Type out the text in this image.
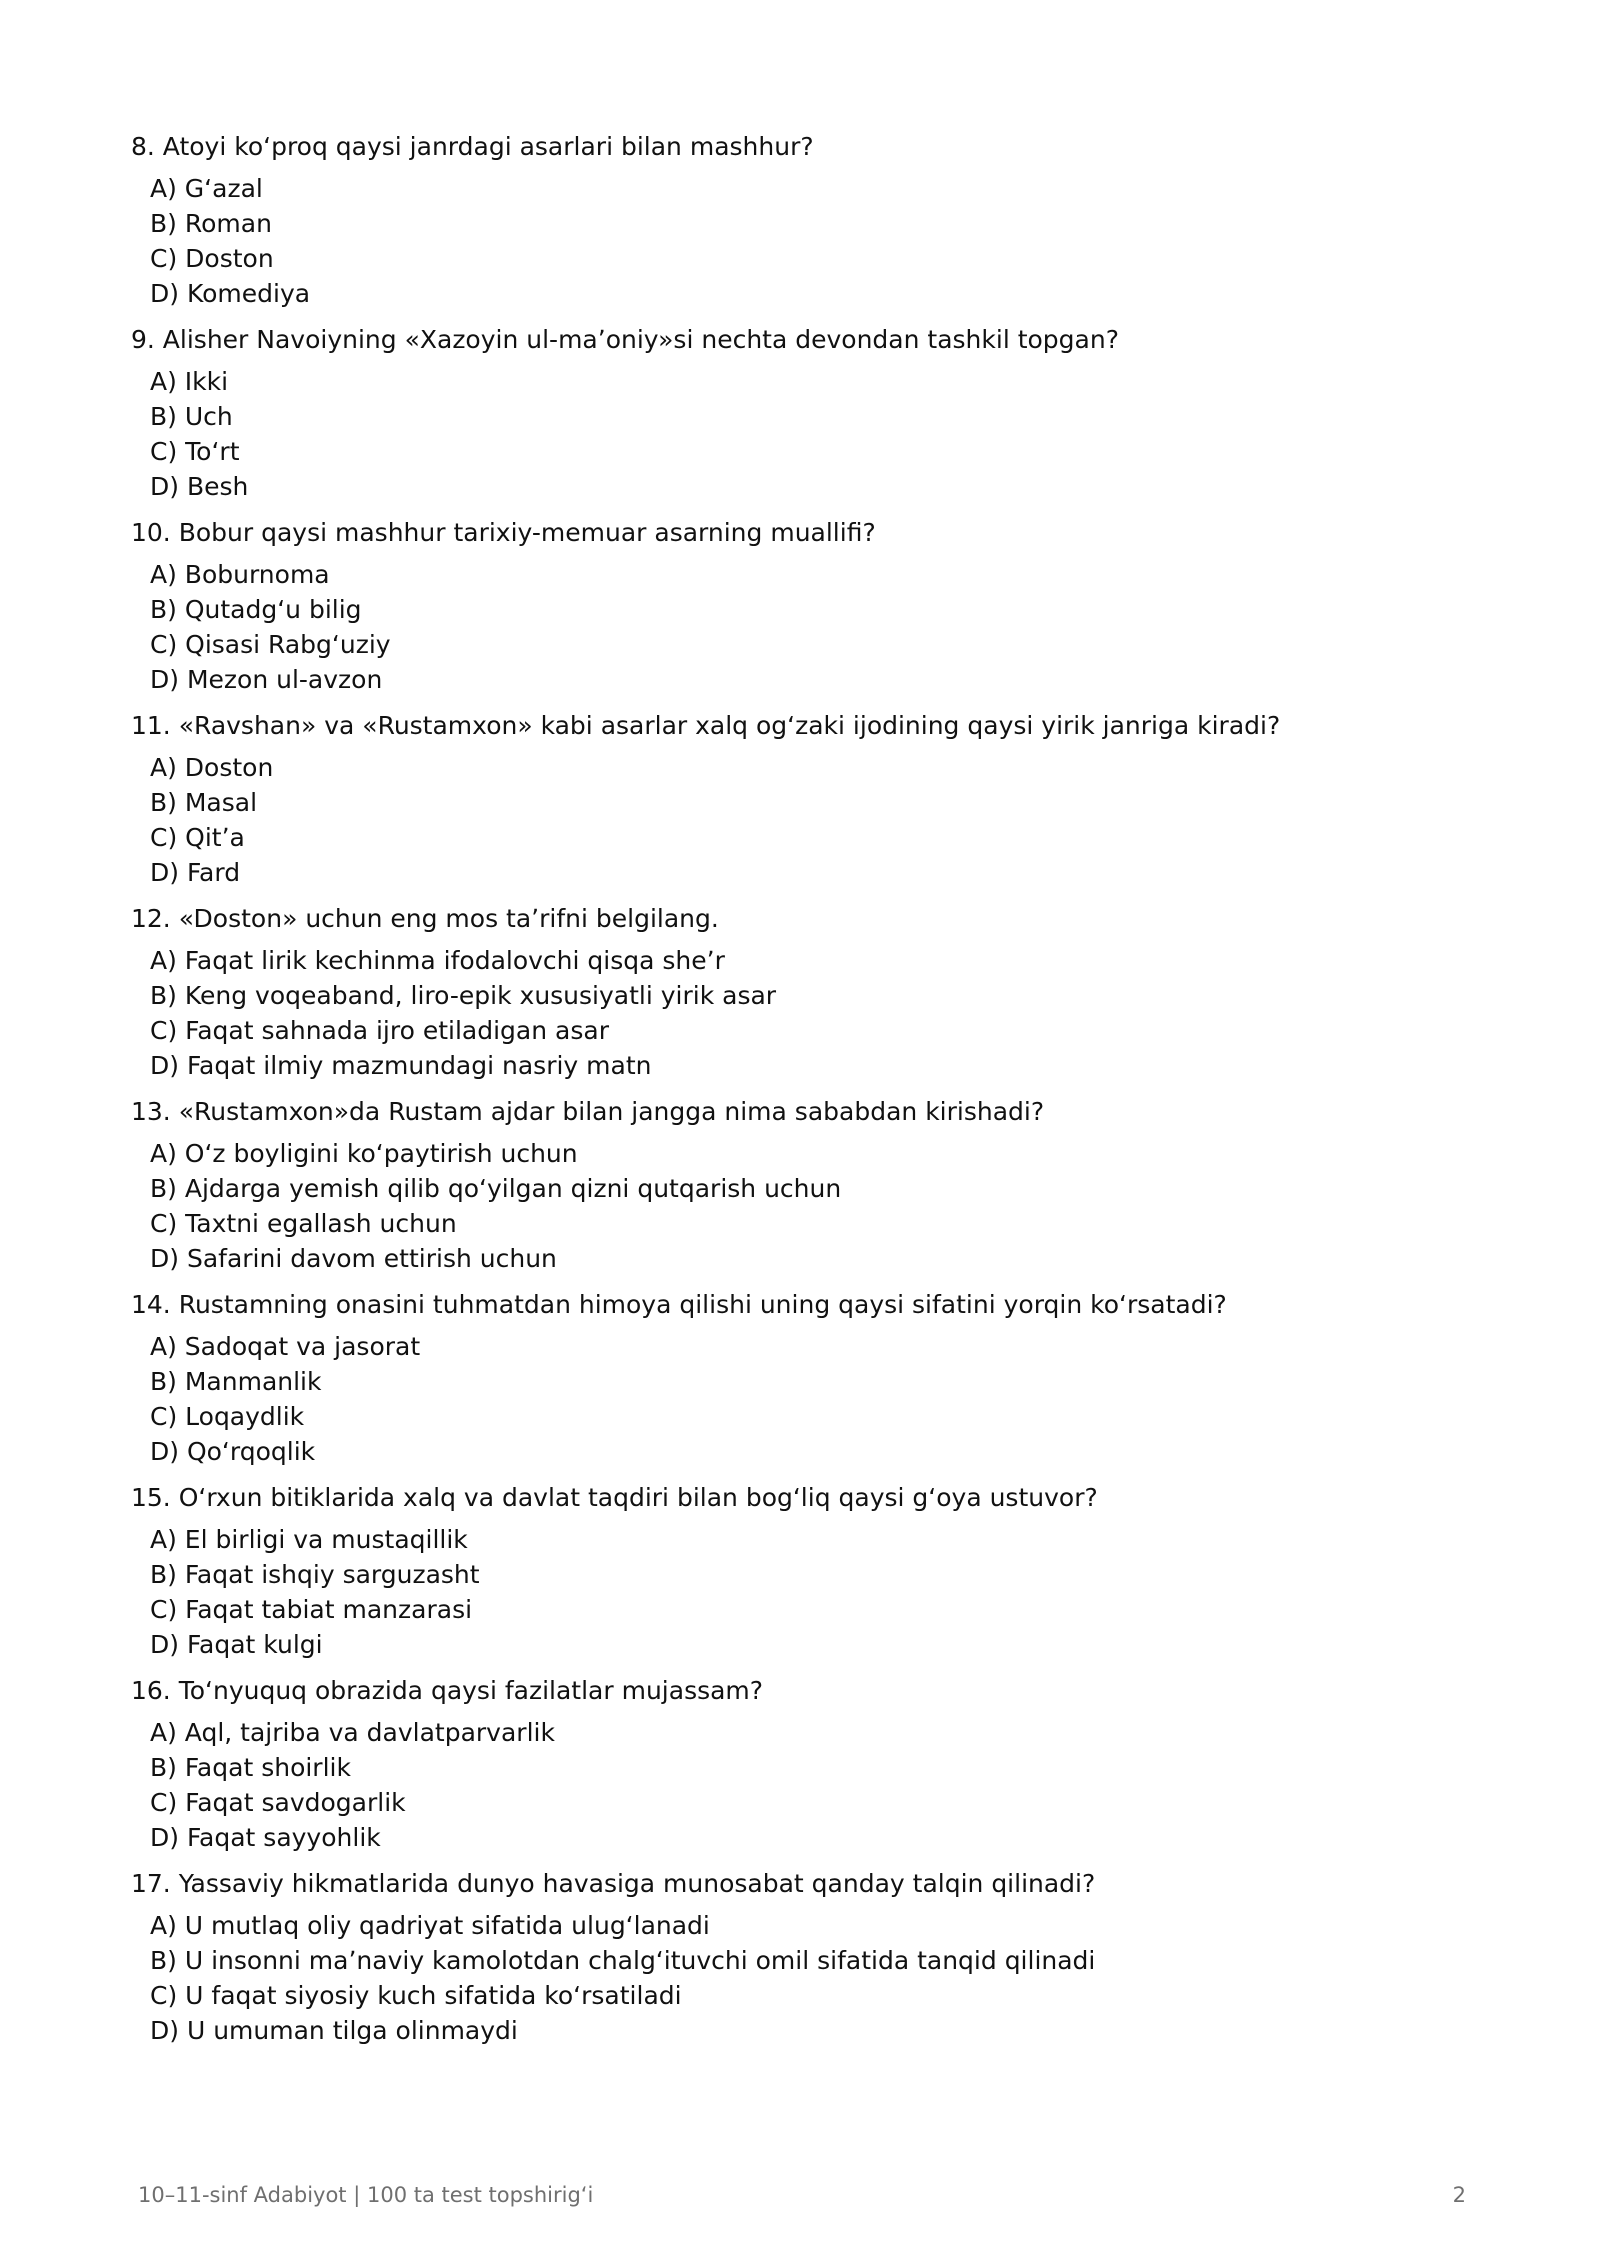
8. Atoyi koʻproq qaysi janrdagi asarlari bilan mashhur?

A) Gʻazal
B) Roman
C) Doston
D) Komediya

9. Alisher Navoiyning «Xazoyin ul-maʼoniy»si nechta devondan tashkil topgan?

A) Ikki
B) Uch
C) Toʻrt
D) Besh

10. Bobur qaysi mashhur tarixiy-memuar asarning muallifi?

A) Boburnoma
B) Qutadgʻu bilig
C) Qisasi Rabgʻuziy
D) Mezon ul-avzon

11. «Ravshan» va «Rustamxon» kabi asarlar xalq ogʻzaki ijodining qaysi yirik janriga kiradi?

A) Doston
B) Masal
C) Qitʼa
D) Fard

12. «Doston» uchun eng mos taʼrifni belgilang.

A) Faqat lirik kechinma ifodalovchi qisqa sheʼr
B) Keng voqeaband, liro-epik xususiyatli yirik asar
C) Faqat sahnada ijro etiladigan asar
D) Faqat ilmiy mazmundagi nasriy matn

13. «Rustamxon»da Rustam ajdar bilan jangga nima sababdan kirishadi?

A) Oʻz boyligini koʻpaytirish uchun
B) Ajdarga yemish qilib qoʻyilgan qizni qutqarish uchun
C) Taxtni egallash uchun
D) Safarini davom ettirish uchun

14. Rustamning onasini tuhmatdan himoya qilishi uning qaysi sifatini yorqin koʻrsatadi?

A) Sadoqat va jasorat
B) Manmanlik
C) Loqaydlik
D) Qoʻrqoqlik

15. Oʻrxun bitiklarida xalq va davlat taqdiri bilan bogʻliq qaysi gʻoya ustuvor?

A) El birligi va mustaqillik
B) Faqat ishqiy sarguzasht
C) Faqat tabiat manzarasi
D) Faqat kulgi

16. Toʻnyuquq obrazida qaysi fazilatlar mujassam?

A) Aql, tajriba va davlatparvarlik
B) Faqat shoirlik
C) Faqat savdogarlik
D) Faqat sayyohlik

17. Yassaviy hikmatlarida dunyo havasiga munosabat qanday talqin qilinadi?

A) U mutlaq oliy qadriyat sifatida ulugʻlanadi
B) U insonni maʼnaviy kamolotdan chalgʻituvchi omil sifatida tanqid qilinadi
C) U faqat siyosiy kuch sifatida koʻrsatiladi
D) U umuman tilga olinmaydi
10–11-sinf Adabiyot | 100 ta test topshirigʻi	2
